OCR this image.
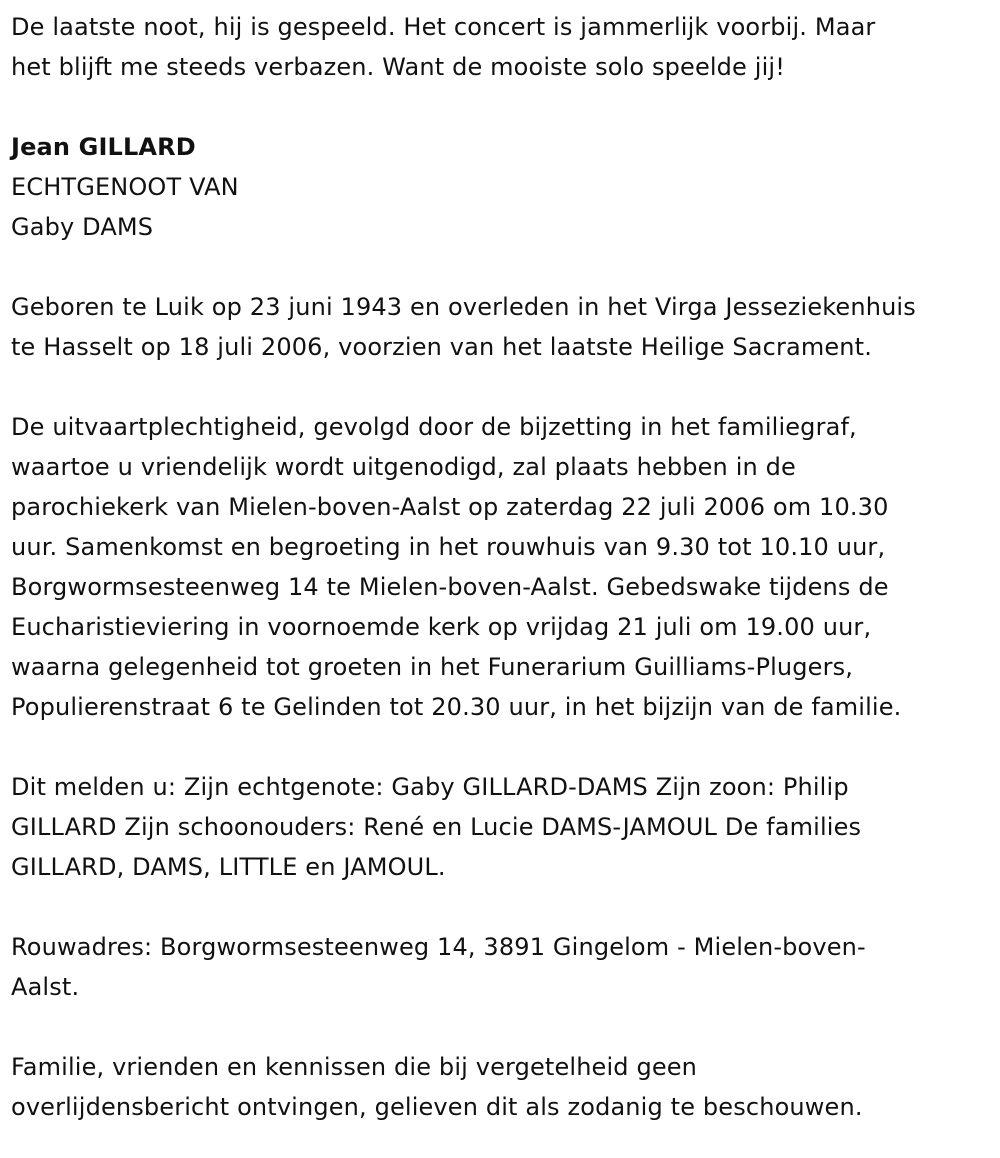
De laatste noot, hij is gespeeld. Het concert is jammerlijk voorbij. Maar

het blijft me steeds verbazen. Want de mooiste solo speelde jij!

Jean GILLARD

ECHTGENOOT VAN

Gaby DAMS

Geboren te Luik op 23 juni 1943 en overleden in het Virga Jesseziekenhuis

te Hasselt op 18 juli 2006, voorzien van het laatste Heilige Sacrament.

De uitvaartplechtigheid, gevolgd door de bijzetting in het familiegraf,

waartoe u vriendelijk wordt uitgenodigd, zal plaats hebben in de

parochiekerk van Mielen-boven-Aalst op zaterdag 22 juli 2006 om 10.30

uur. Samenkomst en begroeting in het rouwhuis van 9.30 tot 10.10 uur,

Borgwormsesteenweg 14 te Mielen-boven-Aalst. Gebedswake tijdens de

Eucharistieviering in voornoemde kerk op vrijdag 21 juli om 19.00 uur,

waarna gelegenheid tot groeten in het Funerarium Guilliams-Plugers,

Populierenstraat 6 te Gelinden tot 20.30 uur, in het bijzijn van de familie.

Dit melden u: Zijn echtgenote: Gaby GILLARD-DAMS Zijn zoon: Philip

GILLARD Zijn schoonouders: René en Lucie DAMS-JAMOUL De families

GILLARD, DAMS, LITTLE en JAMOUL.

Rouwadres: Borgwormsesteenweg 14, 3891 Gingelom - Mielen-boven-

Aalst.

Familie, vrienden en kennissen die bij vergetelheid geen

overlijdensbericht ontvingen, gelieven dit als zodanig te beschouwen.
